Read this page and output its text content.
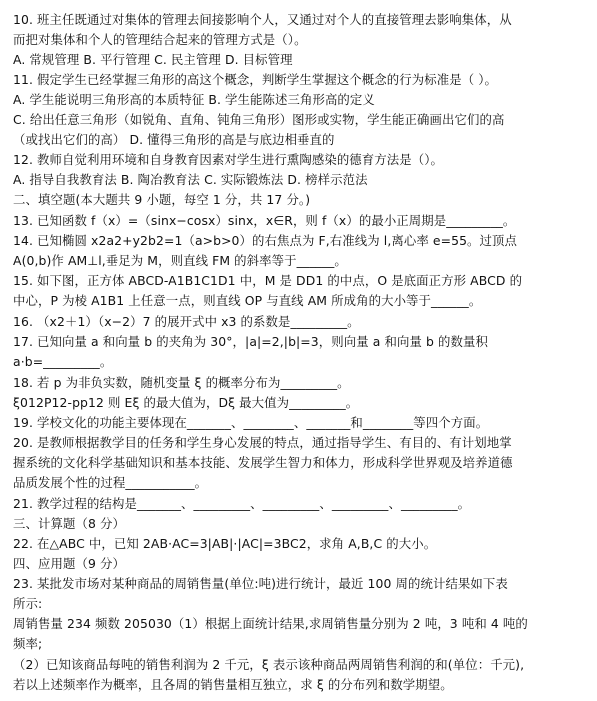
10. 班主任既通过对集体的管理去间接影响个人，又通过对个人的直接管理去影响集体，从
而把对集体和个人的管理结合起来的管理方式是（）。
A. 常规管理 B. 平行管理 C. 民主管理 D. 目标管理
11. 假定学生已经掌握三角形的高这个概念，判断学生掌握这个概念的行为标准是（ ）。
A. 学生能说明三角形高的本质特征 B. 学生能陈述三角形高的定义
C. 给出任意三角形（如锐角、直角、钝角三角形）图形或实物，学生能正确画出它们的高
（或找出它们的高） D. 懂得三角形的高是与底边相垂直的
12. 教师自觉利用环境和自身教育因素对学生进行熏陶感染的德育方法是（）。
A. 指导自我教育法 B. 陶冶教育法 C. 实际锻炼法 D. 榜样示范法
二、填空题(本大题共 9 小题，每空 1 分，共 17 分。)
13. 已知函数 f（x）=（sinx−cosx）sinx，x∈R，则 f（x）的最小正周期是_________。
14. 已知椭圆 x2a2+y2b2=1（a>b>0）的右焦点为 F,右准线为 l,离心率 e=55。过顶点
A(0,b)作 AM⊥l,垂足为 M，则直线 FM 的斜率等于______。
15. 如下图，正方体 ABCD-A1B1C1D1 中，M 是 DD1 的中点，O 是底面正方形 ABCD 的
中心，P 为棱 A1B1 上任意一点，则直线 OP 与直线 AM 所成角的大小等于______。
16. （x2＋1）（x−2）7 的展开式中 x3 的系数是_________。
17. 已知向量 a 和向量 b 的夹角为 30°，|a|=2,|b|=3，则向量 a 和向量 b 的数量积
a·b=_________。
18. 若 p 为非负实数，随机变量 ξ 的概率分布为_________。
ξ012P12-pp12 则 Eξ 的最大值为，Dξ 最大值为_________。
19. 学校文化的功能主要体现在_______、________、_______和________等四个方面。
20. 是教师根据教学目的任务和学生身心发展的特点，通过指导学生、有目的、有计划地掌
握系统的文化科学基础知识和基本技能、发展学生智力和体力，形成科学世界观及培养道德
品质发展个性的过程___________。
21. 教学过程的结构是_______、_________、_________、_________、_________。
三、计算题（8 分）
22. 在△ABC 中，已知 2AB·AC=3|AB|·|AC|=3BC2，求角 A,B,C 的大小。
四、应用题（9 分）
23. 某批发市场对某种商品的周销售量(单位:吨)进行统计，最近 100 周的统计结果如下表
所示:
周销售量 234 频数 205030（1）根据上面统计结果,求周销售量分别为 2 吨，3 吨和 4 吨的
频率;
（2）已知该商品每吨的销售利润为 2 千元，ξ 表示该种商品两周销售利润的和(单位：千元),
若以上述频率作为概率，且各周的销售量相互独立，求 ξ 的分布列和数学期望。
